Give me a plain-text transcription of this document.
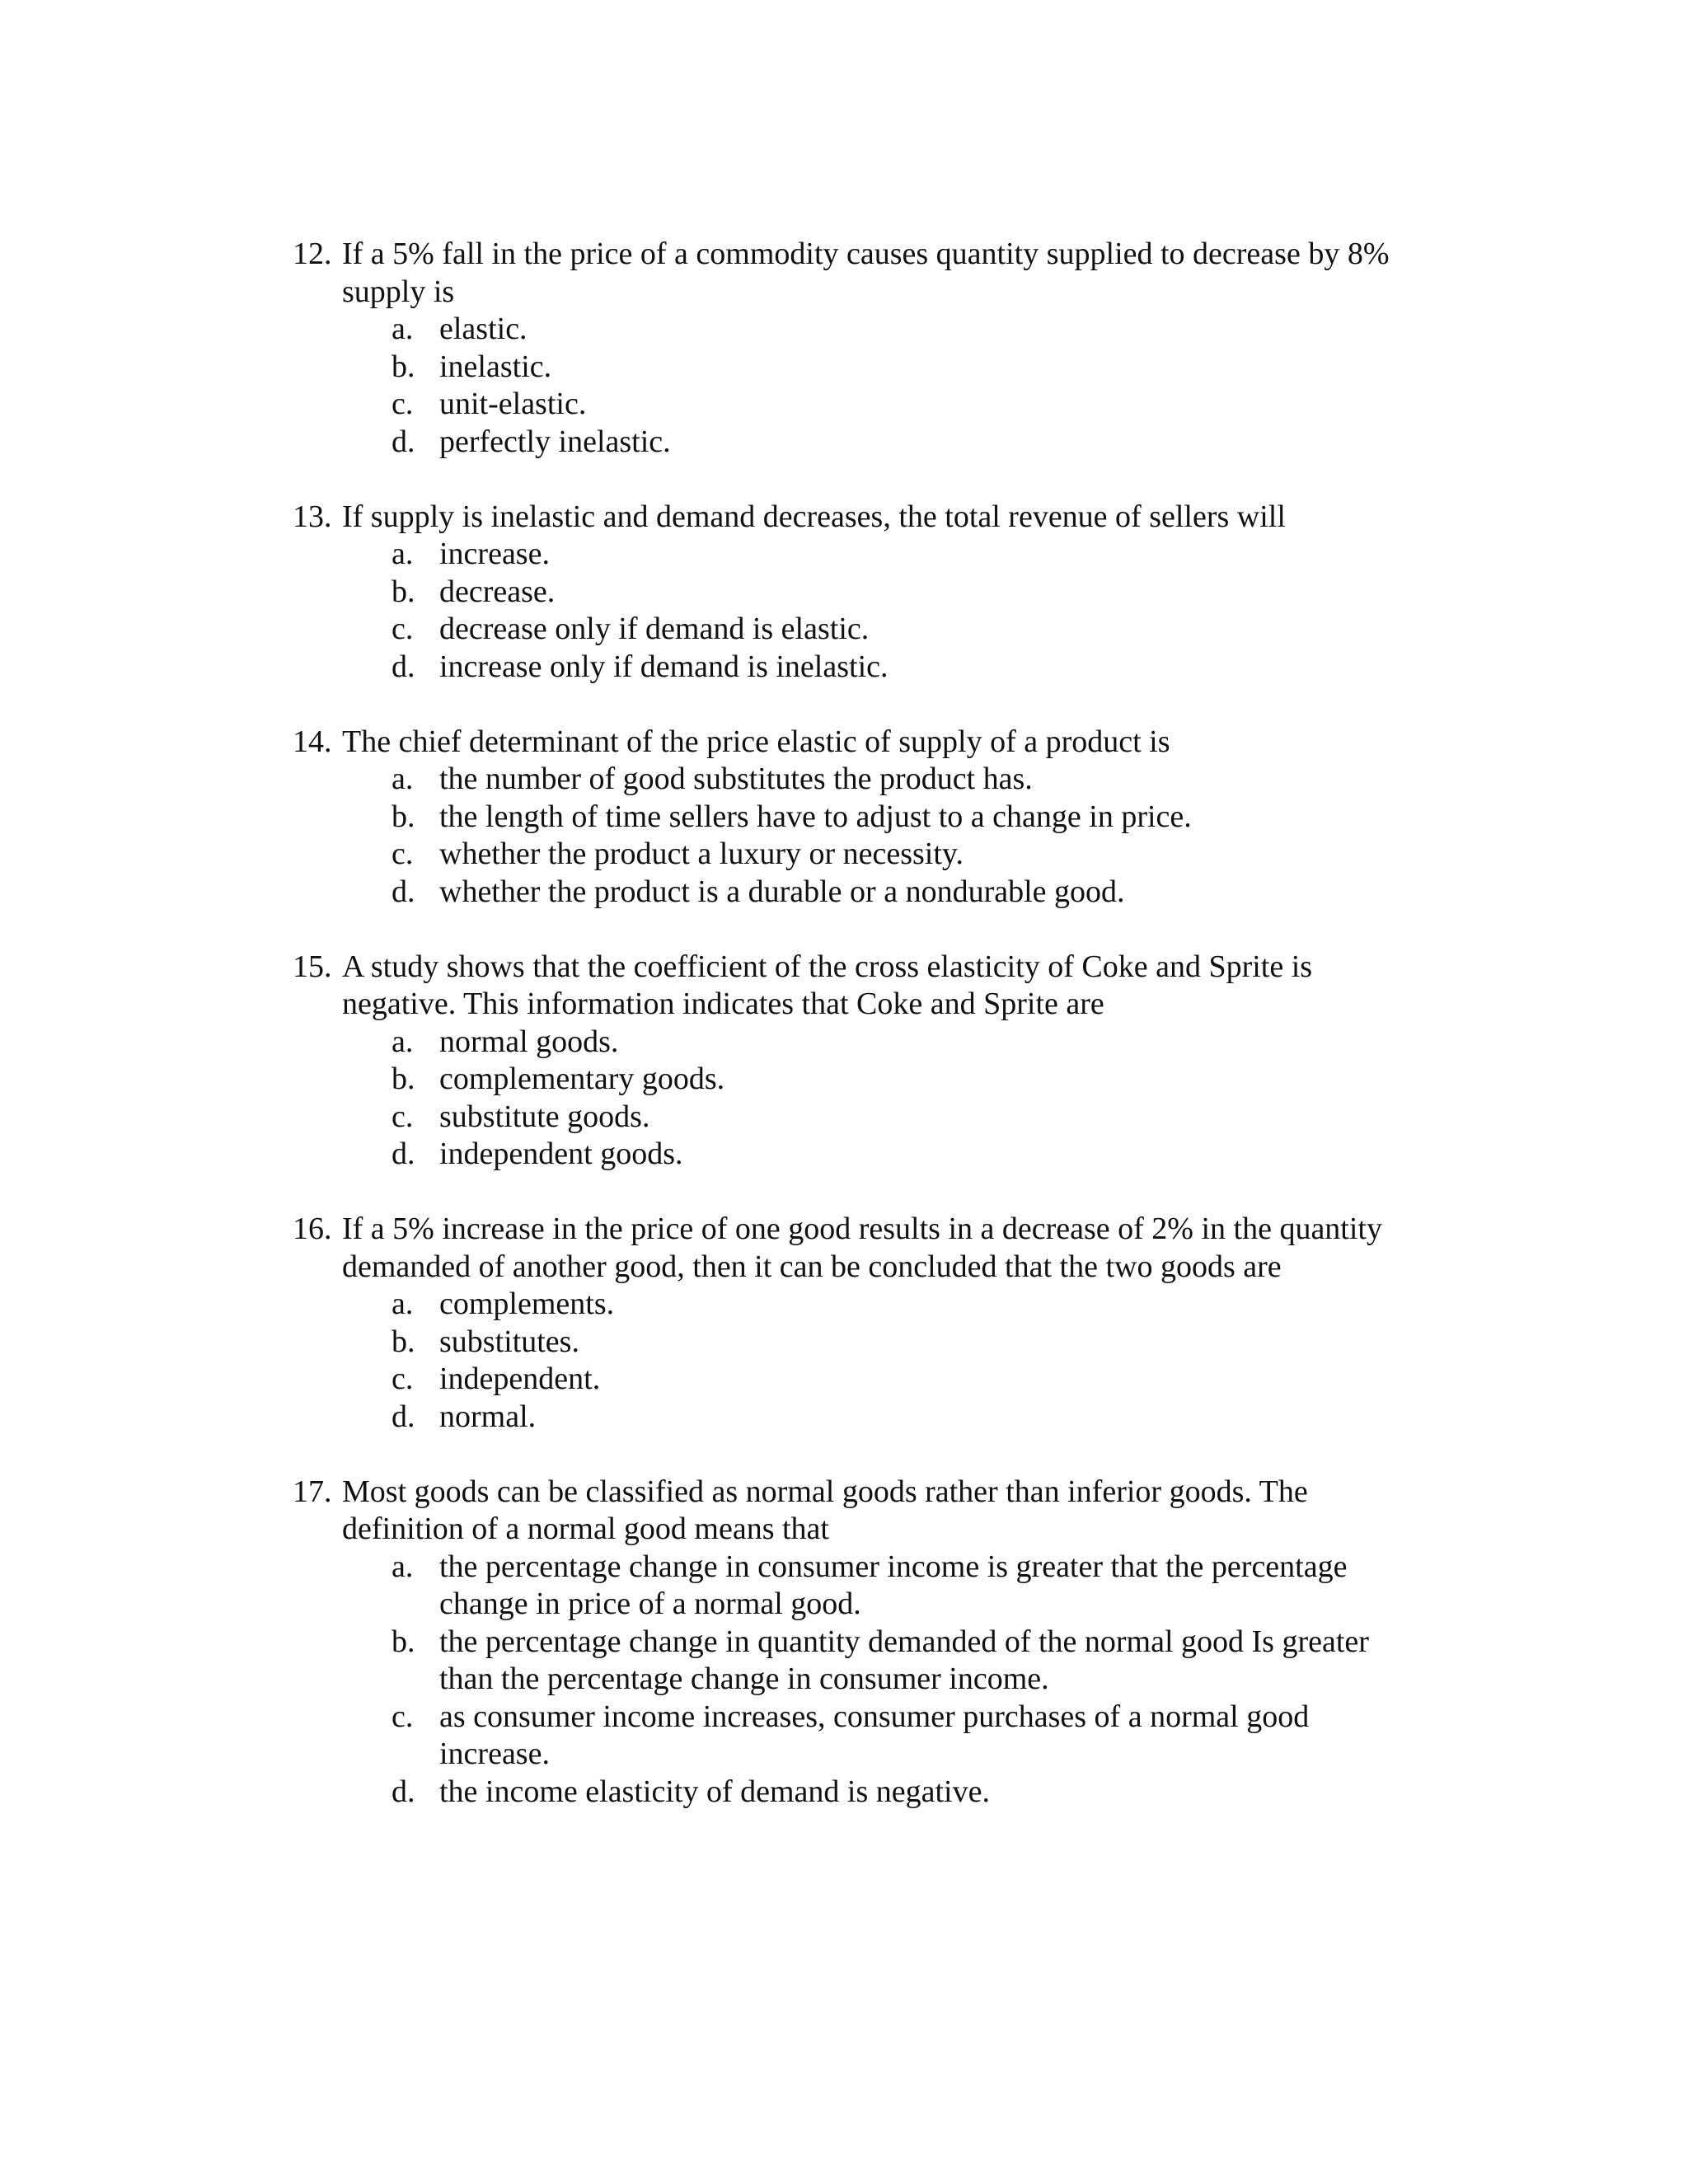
12. If a 5% fall in the price of a commodity causes quantity supplied to decrease by 8% supply is
a. elastic.
b. inelastic.
c. unit-elastic.
d. perfectly inelastic.
13. If supply is inelastic and demand decreases, the total revenue of sellers will
a. increase.
b. decrease.
c. decrease only if demand is elastic.
d. increase only if demand is inelastic.
14. The chief determinant of the price elastic of supply of a product is
a. the number of good substitutes the product has.
b. the length of time sellers have to adjust to a change in price.
c. whether the product a luxury or necessity.
d. whether the product is a durable or a nondurable good.
15. A study shows that the coefficient of the cross elasticity of Coke and Sprite is negative. This information indicates that Coke and Sprite are
a. normal goods.
b. complementary goods.
c. substitute goods.
d. independent goods.
16. If a 5% increase in the price of one good results in a decrease of 2% in the quantity demanded of another good, then it can be concluded that the two goods are
a. complements.
b. substitutes.
c. independent.
d. normal.
17. Most goods can be classified as normal goods rather than inferior goods. The definition of a normal good means that
a. the percentage change in consumer income is greater that the percentage change in price of a normal good.
b. the percentage change in quantity demanded of the normal good Is greater than the percentage change in consumer income.
c. as consumer income increases, consumer purchases of a normal good increase.
d. the income elasticity of demand is negative.
